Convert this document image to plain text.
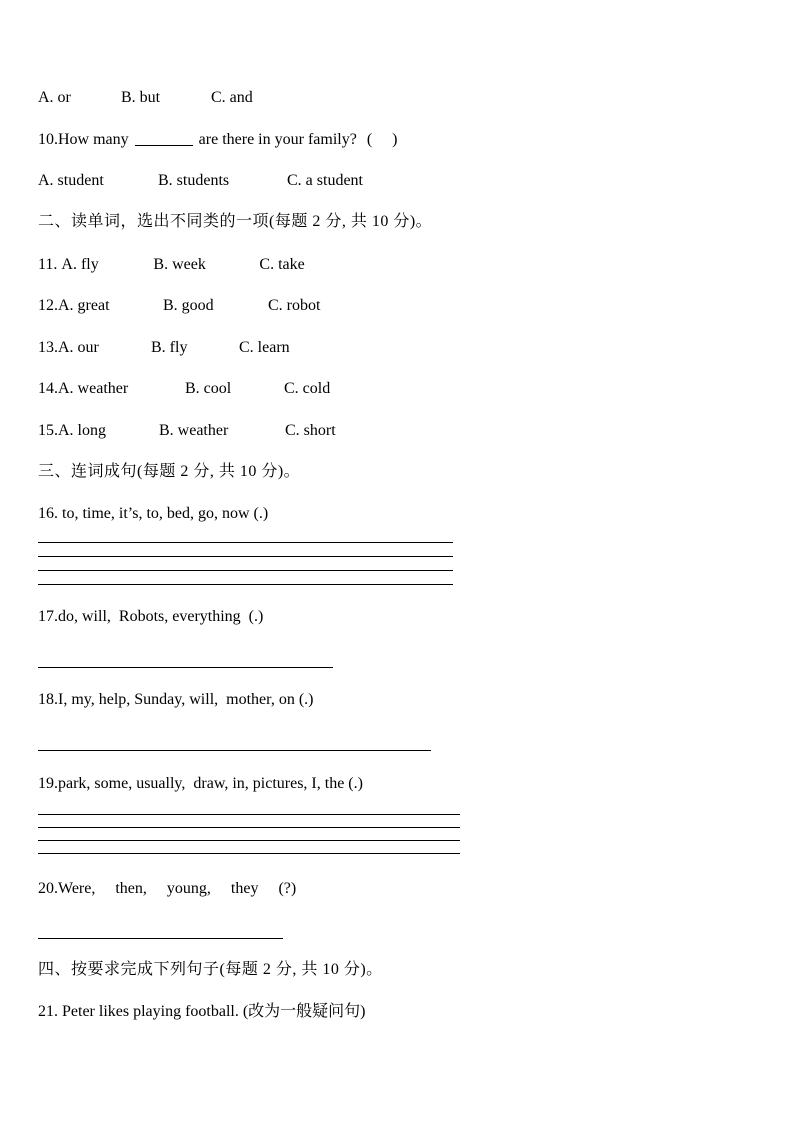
A. or	B. but	C. and
10.How many	are there in your family? (     )
A. student	B. students	C. a student
二、读单词，选出不同类的一项(每题 2 分, 共 10 分)。
11. A. fly	B. week	C. take
12.A. great	B. good	C. robot
13.A. our	B. fly	C. learn
14.A. weather	B. cool	C. cold
15.A. long	B. weather	C. short
三、连词成句(每题 2 分, 共 10 分)。
16. to, time, it’s, to, bed, go, now (.)
17.do, will,  Robots, everything  (.)
18.I, my, help, Sunday, will,  mother, on (.)
19.park, some, usually,  draw, in, pictures, I, the (.)
20.Were,     then,     young,     they     (?)
四、按要求完成下列句子(每题 2 分, 共 10 分)。
21. Peter likes playing football. (改为一般疑问句)
